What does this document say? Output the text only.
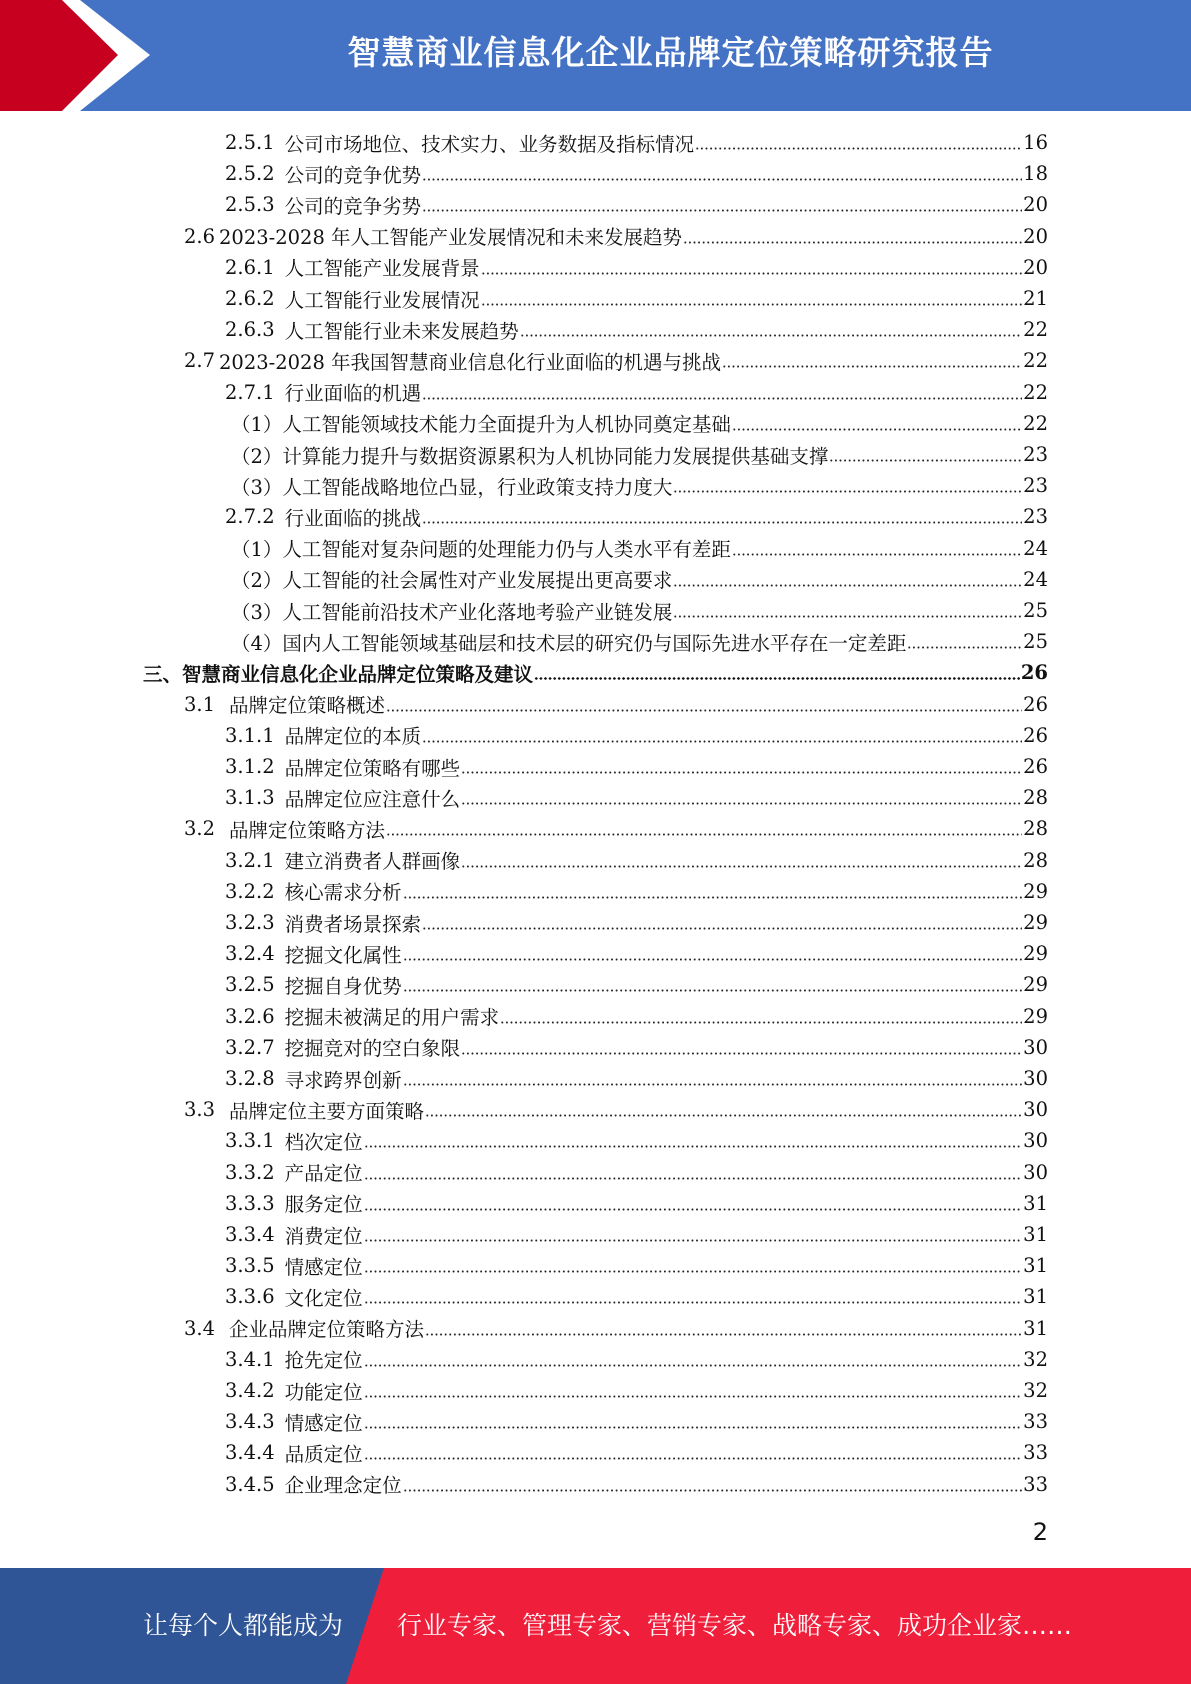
智慧商业信息化企业品牌定位策略研究报告
2.5.1 公司市场地位、技术实力、业务数据及指标情况	16
2.5.2 公司的竞争优势	18
2.5.3 公司的竞争劣势	20
2.6 2023-2028 年人工智能产业发展情况和未来发展趋势	20
2.6.1 人工智能产业发展背景	20
2.6.2 人工智能行业发展情况	21
2.6.3 人工智能行业未来发展趋势	22
2.7 2023-2028 年我国智慧商业信息化行业面临的机遇与挑战	22
2.7.1 行业面临的机遇	22
（1） 人工智能领域技术能力全面提升为人机协同奠定基础	22
（2） 计算能力提升与数据资源累积为人机协同能力发展提供基础支撑	23
（3） 人工智能战略地位凸显，行业政策支持力度大	23
2.7.2 行业面临的挑战	23
（1） 人工智能对复杂问题的处理能力仍与人类水平有差距	24
（2） 人工智能的社会属性对产业发展提出更高要求	24
（3） 人工智能前沿技术产业化落地考验产业链发展	25
（4） 国内人工智能领域基础层和技术层的研究仍与国际先进水平存在一定差距	25
三、 智慧商业信息化企业品牌定位策略及建议	26
3.1 品牌定位策略概述	26
3.1.1 品牌定位的本质	26
3.1.2 品牌定位策略有哪些	26
3.1.3 品牌定位应注意什么	28
3.2 品牌定位策略方法	28
3.2.1 建立消费者人群画像	28
3.2.2 核心需求分析	29
3.2.3 消费者场景探索	29
3.2.4 挖掘文化属性	29
3.2.5 挖掘自身优势	29
3.2.6 挖掘未被满足的用户需求	29
3.2.7 挖掘竞对的空白象限	30
3.2.8 寻求跨界创新	30
3.3 品牌定位主要方面策略	30
3.3.1 档次定位	30
3.3.2 产品定位	30
3.3.3 服务定位	31
3.3.4 消费定位	31
3.3.5 情感定位	31
3.3.6 文化定位	31
3.4 企业品牌定位策略方法	31
3.4.1 抢先定位	32
3.4.2 功能定位	32
3.4.3 情感定位	33
3.4.4 品质定位	33
3.4.5 企业理念定位	33
2
让每个人都能成为 行业专家、管理专家、营销专家、战略专家、成功企业家……
